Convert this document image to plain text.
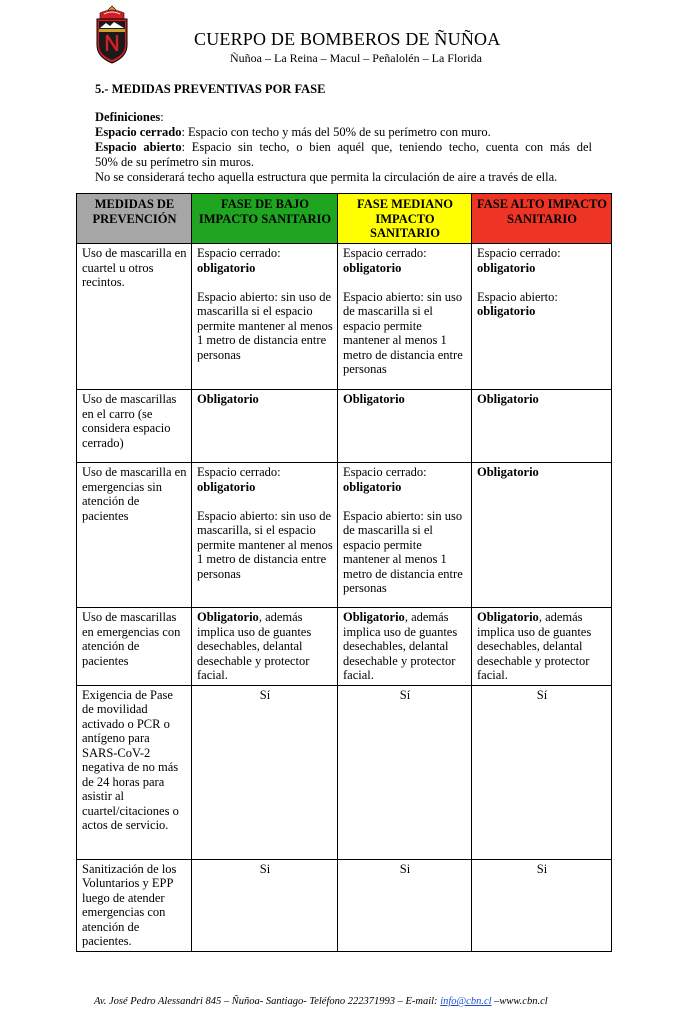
CUERPO DE BOMBEROS DE ÑUÑOA
Ñuñoa – La Reina – Macul – Peñalolén – La Florida
5.- MEDIDAS PREVENTIVAS POR FASE

Definiciones:

Espacio cerrado: Espacio con techo y más del 50% de su perímetro con muro.

Espacio abierto: Espacio sin techo, o bien aquél que, teniendo techo, cuenta con más del

50% de su perímetro sin muros.

No se considerará techo aquella estructura que permita la circulación de aire a través de ella.

MEDIDAS DE PREVENCIÓN	FASE DE BAJO IMPACTO SANITARIO	FASE MEDIANO IMPACTO SANITARIO	FASE ALTO IMPACTO SANITARIO
Uso de mascarilla en cuartel u otros recintos.	Espacio cerrado:
obligatorio
Espacio abierto: sin uso de mascarilla si el espacio permite mantener al menos 1 metro de distancia entre personas	Espacio cerrado:
obligatorio
Espacio abierto: sin uso de mascarilla si el espacio permite mantener al menos 1 metro de distancia entre personas	Espacio cerrado:
obligatorio
Espacio abierto:
obligatorio
Uso de mascarillas en el carro (se considera espacio cerrado)	Obligatorio	Obligatorio	Obligatorio
Uso de mascarilla en emergencias sin atención de pacientes	Espacio cerrado:
obligatorio
Espacio abierto: sin uso de mascarilla, si el espacio permite mantener al menos 1 metro de distancia entre personas	Espacio cerrado:
obligatorio
Espacio abierto: sin uso de mascarilla si el espacio permite mantener al menos 1 metro de distancia entre personas	Obligatorio
Uso de mascarillas en emergencias con atención de pacientes	Obligatorio, además implica uso de guantes desechables, delantal desechable y protector facial.	Obligatorio, además implica uso de guantes desechables, delantal desechable y protector facial.	Obligatorio, además implica uso de guantes desechables, delantal desechable y protector facial.
Exigencia de Pase de movilidad activado o PCR o antígeno para SARS-CoV-2 negativa de no más de 24 horas para asistir al cuartel/citaciones o actos de servicio.	Sí	Sí	Sí
Sanitización de los Voluntarios y EPP luego de atender emergencias con atención de pacientes.	Si	Si	Si
Av. José Pedro Alessandri 845 – Ñuñoa- Santiago- Teléfono 222371993 – E-mail: info@cbn.cl –www.cbn.cl
